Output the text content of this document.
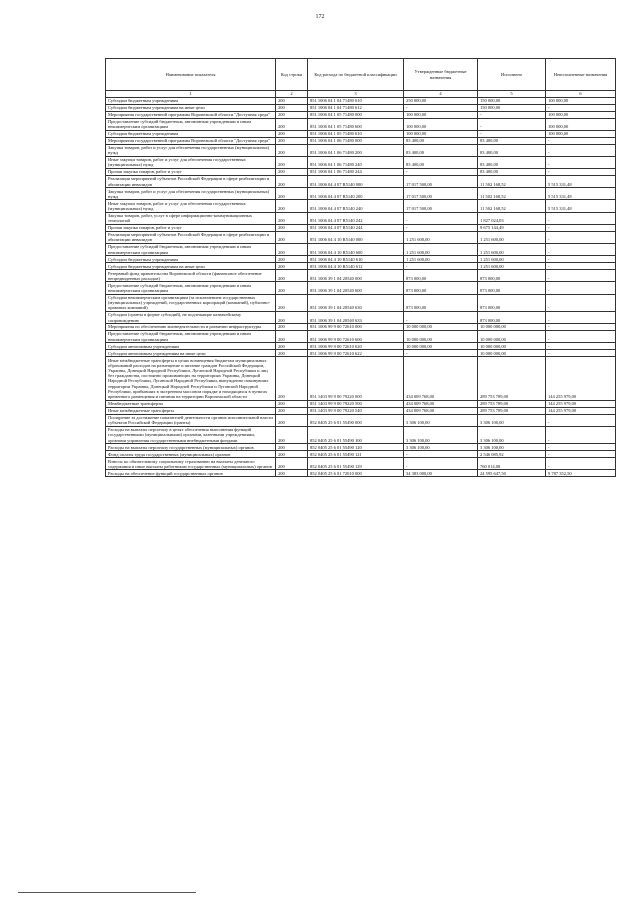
172
Наименование показателя	Код строки	Код расхода по бюджетной классификации	Утвержденные бюджетные назначения	Исполнено	Неисполненные назначения
1	2	3	4	5	6
Субсидии бюджетным учреждениям	200	851 1006 04 1 04 71480 610	250 000,00	150 000,00	100 000,00
Субсидии бюджетным учреждениям на иные цели	200	851 1006 04 1 04 71480 612	-	150 000,00	-
Мероприятия государственной программы Воронежской области "Доступная среда"	200	851 1006 04 1 05 71480 000	100 000,00	-	100 000,00
Предоставление субсидий бюджетным, автономным учреждениям и иным некоммерческим организациям	200	851 1006 04 1 05 71480 600	100 000,00	-	100 000,00
Субсидии бюджетным учреждениям	200	851 1006 04 1 05 71480 610	100 000,00	-	100 000,00
Мероприятия государственной программы Воронежской области "Доступная среда"	200	851 1006 04 1 06 71480 000	83 400,00	83 400,00	-
Закупка товаров, работ и услуг для обеспечения государственных (муниципальных) нужд	200	851 1006 04 1 06 71480 200	83 400,00	83 400,00	-
Иные закупки товаров, работ и услуг для обеспечения государственных (муниципальных) нужд	200	851 1006 04 1 06 71480 240	83 400,00	83 400,00	-
Прочая закупка товаров, работ и услуг	200	851 1006 04 1 06 71480 244	-	83 400,00	-
Реализация мероприятий субъектов Российской Федерации в сфере реабилитации и абилитации инвалидов	200	851 1006 04 4 07 R5140 000	17 017 500,00	11 502 168,52	5 515 331,48
Закупка товаров, работ и услуг для обеспечения государственных (муниципальных) нужд	200	851 1006 04 4 07 R5140 200	17 017 500,00	11 502 168,52	5 515 331,48
Иные закупки товаров, работ и услуг для обеспечения государственных (муниципальных) нужд	200	851 1006 04 4 07 R5140 240	17 017 500,00	11 502 168,52	5 515 331,48
Закупка товаров, работ, услуг в сфере информационно-коммуникационных технологий	200	851 1006 04 4 07 R5140 242	-	1 827 024,03	-
Прочая закупка товаров, работ и услуг	200	851 1006 04 4 07 R5140 244	-	9 675 144,49	-
Реализация мероприятий субъектов Российской Федерации в сфере реабилитации и абилитации инвалидов	200	851 1006 04 4 10 R5140 000	1 251 600,00	1 251 600,00	-
Предоставление субсидий бюджетным, автономным учреждениям и иным некоммерческим организациям	200	851 1006 04 4 10 R5140 600	1 251 600,00	1 251 600,00	-
Субсидии бюджетным учреждениям	200	851 1006 04 4 10 R5140 610	1 251 600,00	1 251 600,00	-
Субсидии бюджетным учреждениям на иные цели	200	851 1006 04 4 10 R5140 612	-	1 251 600,00	-
Резервный фонд правительства Воронежской области (финансовое обеспечение непредвиденных расходов)	200	851 1006 39 1 04 20540 000	873 000,00	873 000,00	-
Предоставление субсидий бюджетным, автономным учреждениям и иным некоммерческим организациям	200	851 1006 39 1 04 20540 600	873 000,00	873 000,00	-
Субсидии некоммерческим организациям (за исключением государственных (муниципальных) учреждений, государственных корпораций (компаний), публично-правовых компаний)	200	851 1006 39 1 04 20540 630	873 000,00	873 000,00	-
Субсидии (гранты в форме субсидий), не подлежащие казначейскому сопровождению	200	851 1006 39 1 04 20540 633	-	873 000,00	-
Мероприятия по обеспечению жизнедеятельности и развитию инфраструктуры	200	851 1006 99 9 00 72610 000	10 000 000,00	10 000 000,00	-
Предоставление субсидий бюджетным, автономным учреждениям и иным некоммерческим организациям	200	851 1006 99 9 00 72610 600	10 000 000,00	10 000 000,00	-
Субсидии автономным учреждениям	200	851 1006 99 9 00 72610 620	10 000 000,00	10 000 000,00	-
Субсидии автономным учреждениям на иные цели	200	851 1006 99 9 00 72610 622	-	10 000 000,00	-
Иные межбюджетные трансферты в целях возмещения бюджетам муниципальных образований расходов на размещение и питание граждан Российской Федерации, Украины, Донецкой Народной Республики, Луганской Народной Республики и лиц без гражданства, постоянно проживающих на территориях Украины, Донецкой Народной Республики, Луганской Народной Республики, вынужденно покинувших территории Украины, Донецкой Народной Республики и Луганской Народной Республики, прибывших в экстренном массовом порядке и находящихся в пунктах временного размещения и питания на территории Воронежской области	200	851 1403 99 9 00 79220 000	434 009 768,00	289 753 789,00	144 255 979,00
Межбюджетные трансферты	200	851 1403 99 9 00 79220 500	434 009 768,00	289 753 789,00	144 255 979,00
Иные межбюджетные трансферты	200	851 1403 99 9 00 79220 540	434 009 768,00	289 753 789,00	144 255 979,00
Поощрение за достижение показателей деятельности органов исполнительной власти субъектов Российской Федерации (гранты)	200	852 0405 25 6 01 55490 000	3 306 100,00	3 306 100,00	-
Расходы на выплаты персоналу в целях обеспечения выполнения функций государственными (муниципальными) органами, казенными учреждениями, органами управления государственными внебюджетными фондами	200	852 0405 25 6 01 55490 100	3 306 100,00	3 306 100,00	-
Расходы на выплаты персоналу государственных (муниципальных) органов	200	852 0405 25 6 01 55490 120	3 306 100,00	3 306 100,00	-
Фонд оплаты труда государственных (муниципальных) органов	200	852 0405 25 6 01 55490 121	-	2 546 085,92	-
Взносы по обязательному социальному страхованию на выплаты денежного содержания и иные выплаты работникам государственных (муниципальных) органов	200	852 0405 25 6 01 55490 129	-	760 014,08	-
Расходы на обеспечение функций государственных органов	200	852 0405 25 6 01 72010 000	34 383 000,00	24 595 647,50	9 787 352,50
